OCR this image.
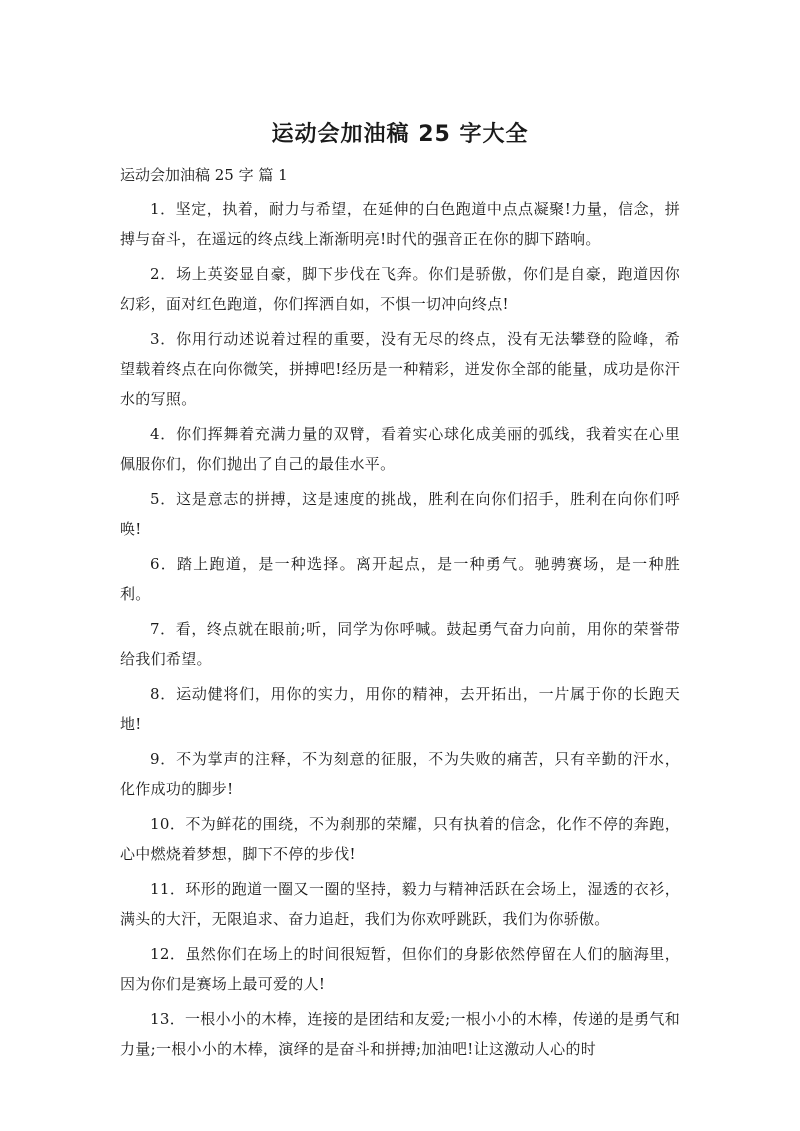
运动会加油稿 25 字大全
运动会加油稿 25 字 篇 1

1．坚定，执着，耐力与希望，在延伸的白色跑道中点点凝聚!力量，信念，拼搏与奋斗，在遥远的终点线上渐渐明亮!时代的强音正在你的脚下踏响。

2．场上英姿显自豪，脚下步伐在飞奔。你们是骄傲，你们是自豪，跑道因你幻彩，面对红色跑道，你们挥洒自如，不惧一切冲向终点!

3．你用行动述说着过程的重要，没有无尽的终点，没有无法攀登的险峰，希望载着终点在向你微笑，拼搏吧!经历是一种精彩，迸发你全部的能量，成功是你汗水的写照。

4．你们挥舞着充满力量的双臂，看着实心球化成美丽的弧线，我着实在心里佩服你们，你们抛出了自己的最佳水平。

5．这是意志的拼搏，这是速度的挑战，胜利在向你们招手，胜利在向你们呼唤!

6．踏上跑道，是一种选择。离开起点，是一种勇气。驰骋赛场，是一种胜利。

7．看，终点就在眼前;听，同学为你呼喊。鼓起勇气奋力向前，用你的荣誉带给我们希望。

8．运动健将们，用你的实力，用你的精神，去开拓出，一片属于你的长跑天地!

9．不为掌声的注释，不为刻意的征服，不为失败的痛苦，只有辛勤的汗水，化作成功的脚步!

10．不为鲜花的围绕，不为刹那的荣耀，只有执着的信念，化作不停的奔跑，心中燃烧着梦想，脚下不停的步伐!

11．环形的跑道一圈又一圈的坚持，毅力与精神活跃在会场上，湿透的衣衫，满头的大汗，无限追求、奋力追赶，我们为你欢呼跳跃，我们为你骄傲。

12．虽然你们在场上的时间很短暂，但你们的身影依然停留在人们的脑海里，因为你们是赛场上最可爱的人!

13．一根小小的木棒，连接的是团结和友爱;一根小小的木棒，传递的是勇气和力量;一根小小的木棒，演绎的是奋斗和拼搏;加油吧!让这激动人心的时
